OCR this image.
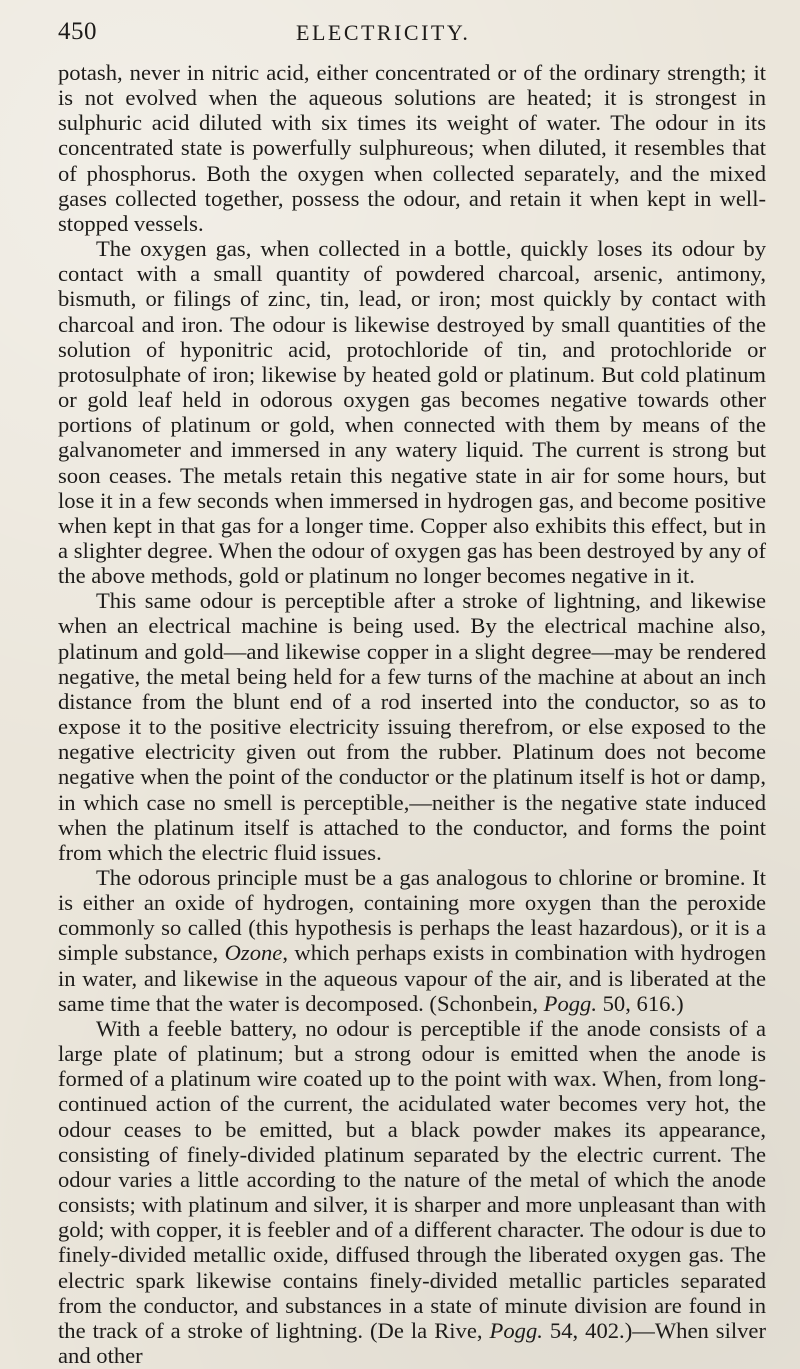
450	ELECTRICITY.

potash, never in nitric acid, either concentrated or of the ordinary strength; it is not evolved when the aqueous solutions are heated; it is strongest in sulphuric acid diluted with six times its weight of water. The odour in its concentrated state is powerfully sulphureous; when diluted, it resembles that of phosphorus. Both the oxygen when collected separately, and the mixed gases collected together, possess the odour, and retain it when kept in well-stopped vessels.

The oxygen gas, when collected in a bottle, quickly loses its odour by contact with a small quantity of powdered charcoal, arsenic, antimony, bismuth, or filings of zinc, tin, lead, or iron; most quickly by contact with charcoal and iron. The odour is likewise destroyed by small quantities of the solution of hyponitric acid, protochloride of tin, and protochloride or protosulphate of iron; likewise by heated gold or platinum. But cold platinum or gold leaf held in odorous oxygen gas becomes negative towards other portions of platinum or gold, when connected with them by means of the galvanometer and immersed in any watery liquid. The current is strong but soon ceases. The metals retain this negative state in air for some hours, but lose it in a few seconds when immersed in hydrogen gas, and become positive when kept in that gas for a longer time. Copper also exhibits this effect, but in a slighter degree. When the odour of oxygen gas has been destroyed by any of the above methods, gold or platinum no longer becomes negative in it.

This same odour is perceptible after a stroke of lightning, and likewise when an electrical machine is being used. By the electrical machine also, platinum and gold—and likewise copper in a slight degree—may be rendered negative, the metal being held for a few turns of the machine at about an inch distance from the blunt end of a rod inserted into the conductor, so as to expose it to the positive electricity issuing therefrom, or else exposed to the negative electricity given out from the rubber. Platinum does not become negative when the point of the conductor or the platinum itself is hot or damp, in which case no smell is perceptible,—neither is the negative state induced when the platinum itself is attached to the conductor, and forms the point from which the electric fluid issues.

The odorous principle must be a gas analogous to chlorine or bromine. It is either an oxide of hydrogen, containing more oxygen than the peroxide commonly so called (this hypothesis is perhaps the least hazardous), or it is a simple substance, Ozone, which perhaps exists in combination with hydrogen in water, and likewise in the aqueous vapour of the air, and is liberated at the same time that the water is decomposed. (Schonbein, Pogg. 50, 616.)

With a feeble battery, no odour is perceptible if the anode consists of a large plate of platinum; but a strong odour is emitted when the anode is formed of a platinum wire coated up to the point with wax. When, from long-continued action of the current, the acidulated water becomes very hot, the odour ceases to be emitted, but a black powder makes its appearance, consisting of finely-divided platinum separated by the electric current. The odour varies a little according to the nature of the metal of which the anode consists; with platinum and silver, it is sharper and more unpleasant than with gold; with copper, it is feebler and of a different character. The odour is due to finely-divided metallic oxide, diffused through the liberated oxygen gas. The electric spark likewise contains finely-divided metallic particles separated from the conductor, and substances in a state of minute division are found in the track of a stroke of lightning. (De la Rive, Pogg. 54, 402.)—When silver and other
